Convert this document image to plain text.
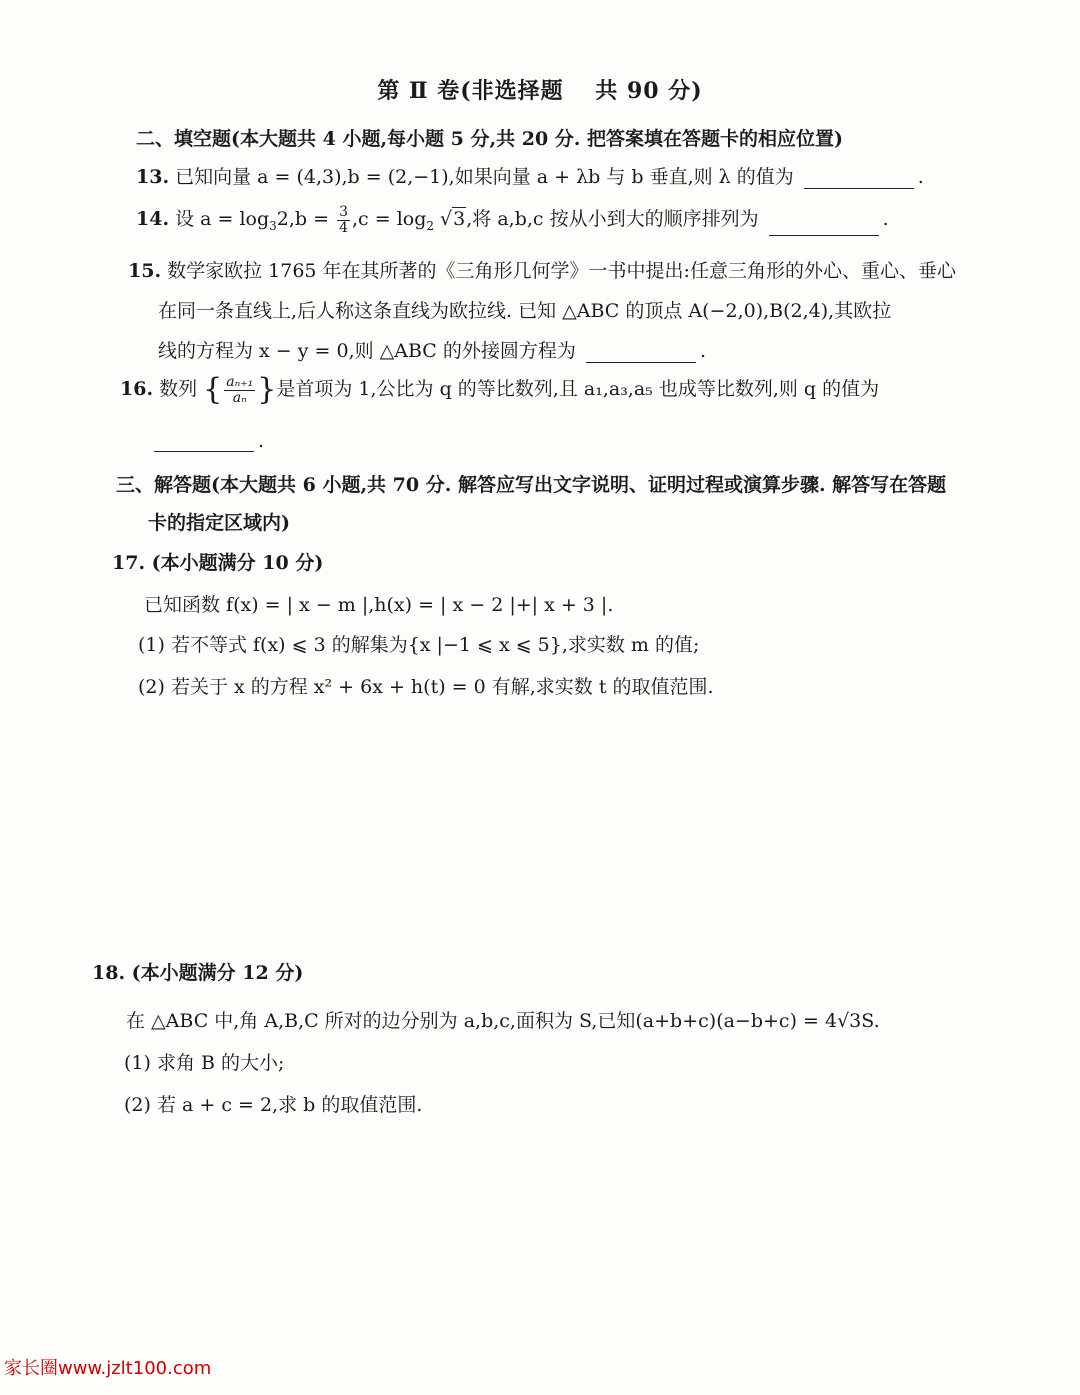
第 Ⅱ 卷(非选择题　 共 90 分)
二、填空题(本大题共 4 小题,每小题 5 分,共 20 分. 把答案填在答题卡的相应位置)
13. 已知向量 a = (4,3),b = (2,−1),如果向量 a + λb 与 b 垂直,则 λ 的值为	.
14. 设 $a = \log_32,b = \frac{3}{4} ,c = \log_2 √3$,将 a,b,c 按从小到大的顺序排列为	.
15. 数学家欧拉 1765 年在其所著的《三角形几何学》一书中提出:任意三角形的外心、重心、垂心
在同一条直线上,后人称这条直线为欧拉线. 已知 △ABC 的顶点 A(−2,0),B(2,4),其欧拉
线的方程为 x − y = 0,则 △ABC 的外接圆方程为	.
16. 数列 { $\frac{\text{aₙ₊₁}}{\text{aₙ}}$ }是首项为 1,公比为 q 的等比数列,且 a₁,a₃,a₅ 也成等比数列,则 q 的值为
.
三、解答题(本大题共 6 小题,共 70 分. 解答应写出文字说明、证明过程或演算步骤. 解答写在答题
卡的指定区域内)
17. (本小题满分 10 分)
已知函数 f(x) = | x − m |,h(x) = | x − 2 |+| x + 3 |.
(1) 若不等式 f(x) ⩽ 3 的解集为{x |−1 ⩽ x ⩽ 5},求实数 m 的值;
(2) 若关于 x 的方程 x² + 6x + h(t) = 0 有解,求实数 t 的取值范围.
18. (本小题满分 12 分)
在 △ABC 中,角 A,B,C 所对的边分别为 a,b,c,面积为 S,已知(a+b+c)(a−b+c) = 4√3S.
(1) 求角 B 的大小;
(2) 若 a + c = 2,求 b 的取值范围.
家长圈www.jzlt100.com
